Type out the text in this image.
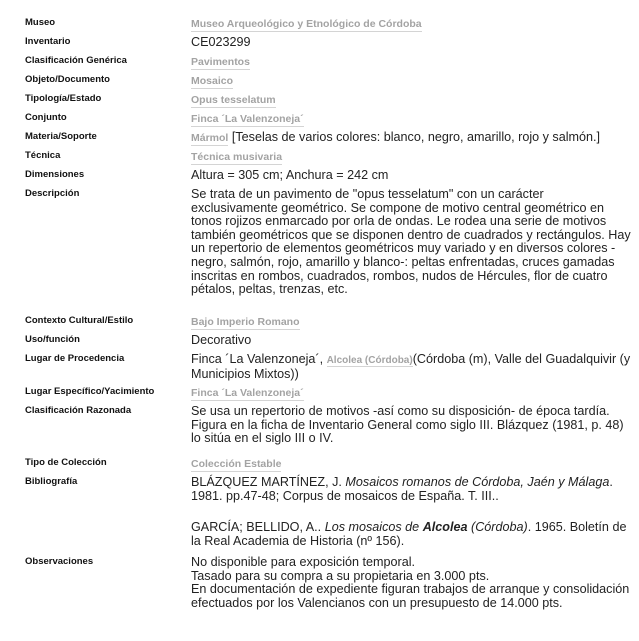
Museo	Museo Arqueológico y Etnológico de Córdoba
Inventario	CE023299
Clasificación Genérica	Pavimentos
Objeto/Documento	Mosaico
Tipología/Estado	Opus tesselatum
Conjunto	Finca ´La Valenzoneja´
Materia/Soporte	Mármol [Teselas de varios colores: blanco, negro, amarillo, rojo y salmón.]
Técnica	Técnica musivaria
Dimensiones	Altura = 305 cm; Anchura = 242 cm
Descripción	Se trata de un pavimento de "opus tesselatum" con un carácter exclusivamente geométrico. Se compone de motivo central geométrico en tonos rojizos enmarcado por orla de ondas. Le rodea una serie de motivos también geométricos que se disponen dentro de cuadrados y rectángulos. Hay un repertorio de elementos geométricos muy variado y en diversos colores -negro, salmón, rojo, amarillo y blanco-: peltas enfrentadas, cruces gamadas inscritas en rombos, cuadrados, rombos, nudos de Hércules, flor de cuatro pétalos, peltas, trenzas, etc.
Contexto Cultural/Estilo	Bajo Imperio Romano
Uso/función	Decorativo
Lugar de Procedencia	Finca ´La Valenzoneja´, Alcolea (Córdoba)(Córdoba (m), Valle del Guadalquivir (y Municipios Mixtos))
Lugar Específico/Yacimiento	Finca ´La Valenzoneja´
Clasificación Razonada	Se usa un repertorio de motivos -así como su disposición- de época tardía. Figura en la ficha de Inventario General como siglo III. Blázquez (1981, p. 48) lo sitúa en el siglo III o IV.
Tipo de Colección	Colección Estable
Bibliografía	BLÁZQUEZ MARTÍNEZ, J. Mosaicos romanos de Córdoba, Jaén y Málaga. 1981. pp.47-48; Corpus de mosaicos de España. T. III..
GARCÍA; BELLIDO, A.. Los mosaicos de Alcolea (Córdoba). 1965. Boletín de la Real Academia de Historia (nº 156).
Observaciones	No disponible para exposición temporal.
Tasado para su compra a su propietaria en 3.000 pts.
En documentación de expediente figuran trabajos de arranque y consolidación efectuados por los Valencianos con un presupuesto de 14.000 pts.
